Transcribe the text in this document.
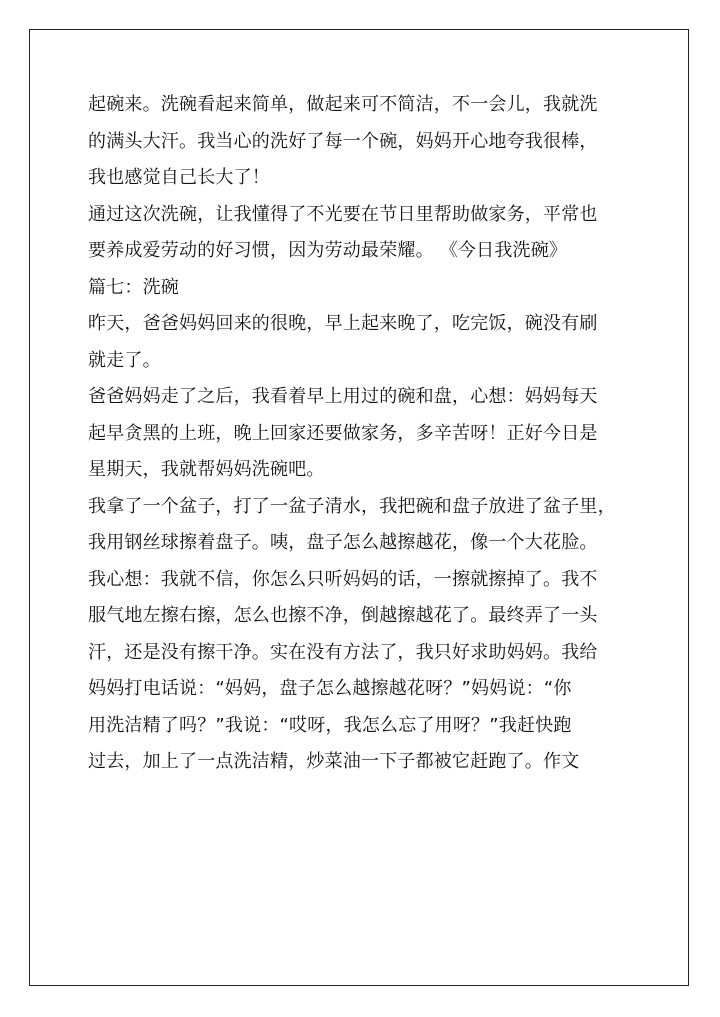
起碗来。洗碗看起来简单，做起来可不简洁，不一会儿，我就洗
的满头大汗。我当心的洗好了每一个碗，妈妈开心地夸我很棒，
我也感觉自己长大了！
通过这次洗碗，让我懂得了不光要在节日里帮助做家务，平常也
要养成爱劳动的好习惯，因为劳动最荣耀。 《今日我洗碗》
篇七：洗碗
昨天，爸爸妈妈回来的很晚，早上起来晚了，吃完饭，碗没有刷
就走了。
爸爸妈妈走了之后，我看着早上用过的碗和盘，心想：妈妈每天
起早贪黑的上班，晚上回家还要做家务，多辛苦呀！正好今日是
星期天，我就帮妈妈洗碗吧。
我拿了一个盆子，打了一盆子清水，我把碗和盘子放进了盆子里，
我用钢丝球擦着盘子。咦，盘子怎么越擦越花，像一个大花脸。
我心想：我就不信，你怎么只听妈妈的话，一擦就擦掉了。我不
服气地左擦右擦，怎么也擦不净，倒越擦越花了。最终弄了一头
汗，还是没有擦干净。实在没有方法了，我只好求助妈妈。我给
妈妈打电话说：“妈妈，盘子怎么越擦越花呀？”妈妈说：“你
用洗洁精了吗？”我说：“哎呀，我怎么忘了用呀？”我赶快跑
过去，加上了一点洗洁精，炒菜油一下子都被它赶跑了。作文
